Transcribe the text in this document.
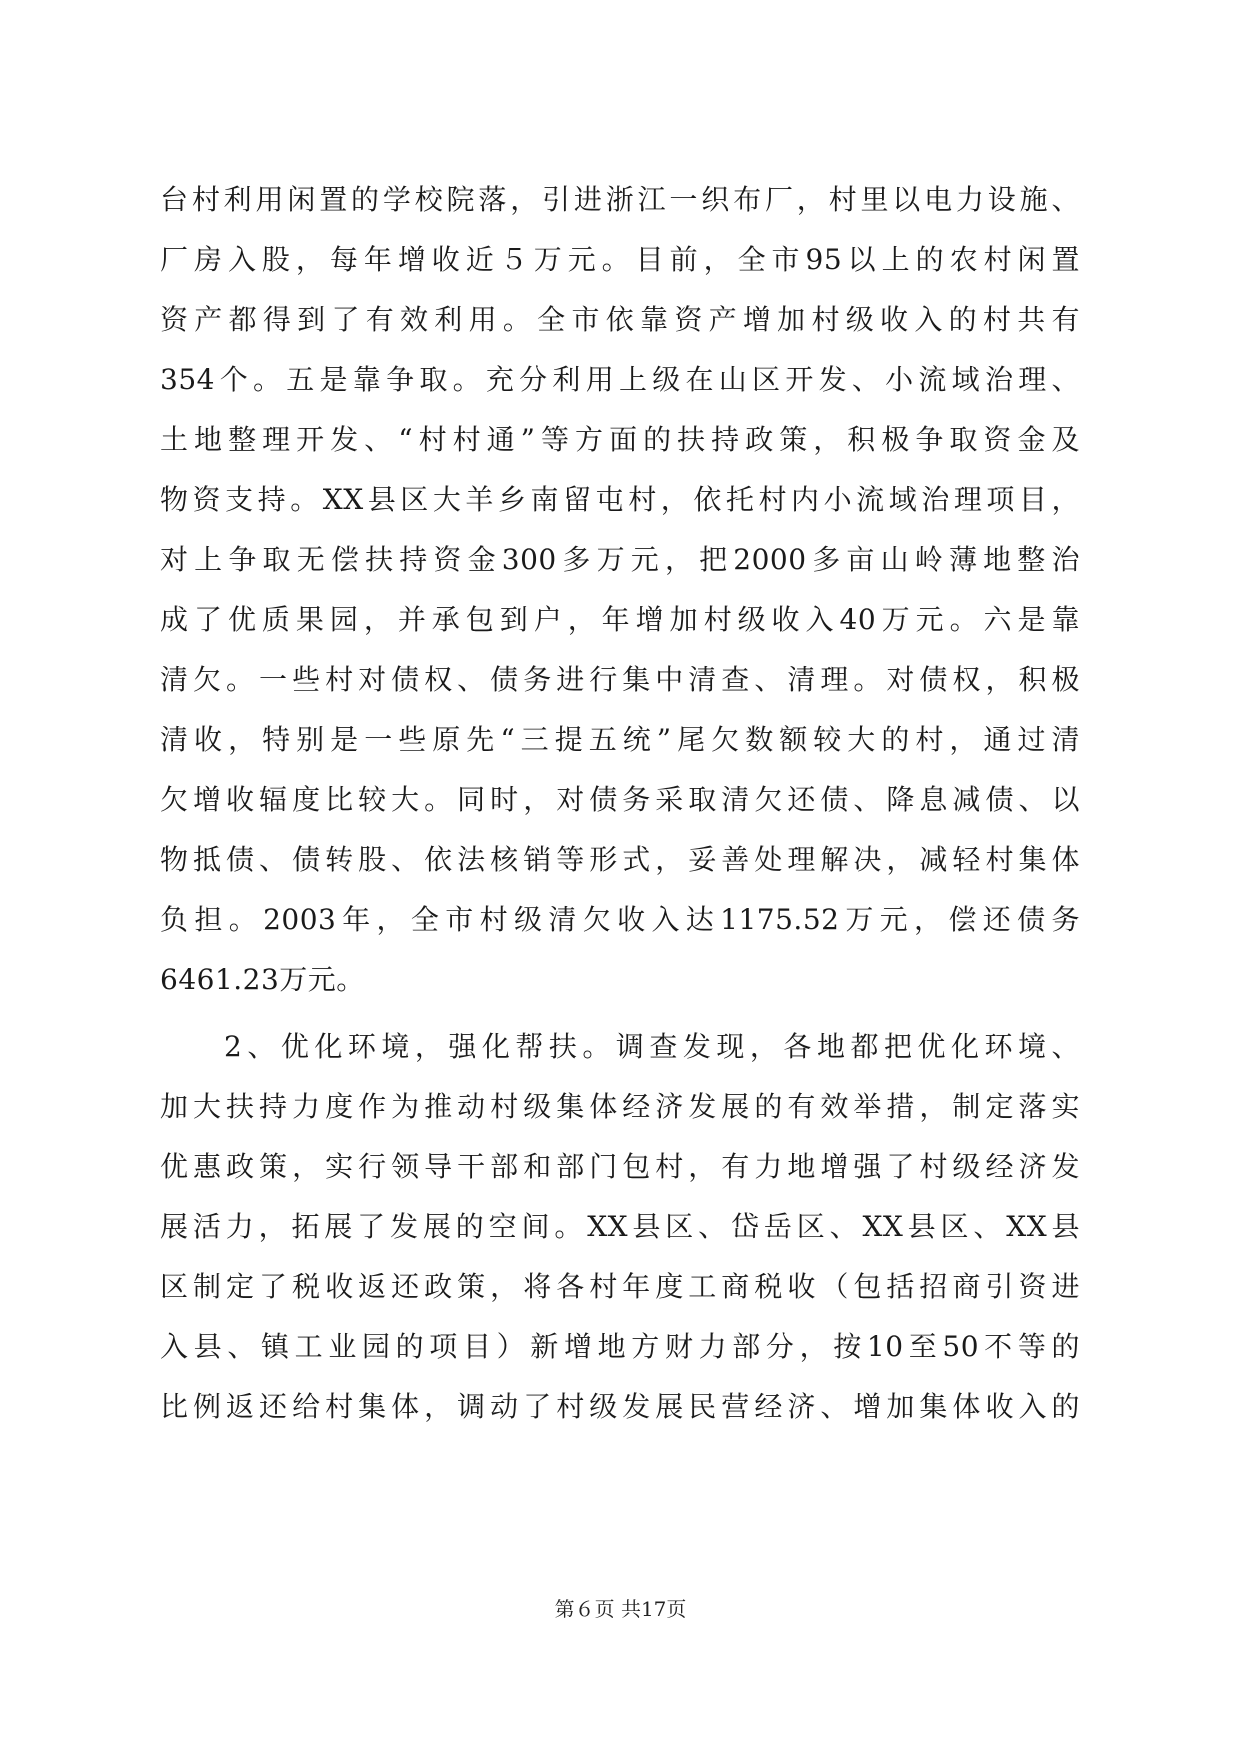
台村利用闲置的学校院落，引进浙江一织布厂，村里以电力设施、
厂房入股，每年增收近５万元。目前，全市95以上的农村闲置
资产都得到了有效利用。全市依靠资产增加村级收入的村共有
354个。五是靠争取。充分利用上级在山区开发、小流域治理、
土地整理开发、“村村通”等方面的扶持政策，积极争取资金及
物资支持。XX县区大羊乡南留屯村，依托村内小流域治理项目，
对上争取无偿扶持资金300多万元，把2000多亩山岭薄地整治
成了优质果园，并承包到户，年增加村级收入40万元。六是靠
清欠。一些村对债权、债务进行集中清查、清理。对债权，积极
清收，特别是一些原先“三提五统”尾欠数额较大的村，通过清
欠增收辐度比较大。同时，对债务采取清欠还债、降息减债、以
物抵债、债转股、依法核销等形式，妥善处理解决，减轻村集体
负担。2003年，全市村级清欠收入达1175.52万元，偿还债务
6461.23万元。
2、优化环境，强化帮扶。调查发现，各地都把优化环境、
加大扶持力度作为推动村级集体经济发展的有效举措，制定落实
优惠政策，实行领导干部和部门包村，有力地增强了村级经济发
展活力，拓展了发展的空间。XX县区、岱岳区、XX县区、XX县
区制定了税收返还政策，将各村年度工商税收（包括招商引资进
入县、镇工业园的项目）新增地方财力部分，按10至50不等的
比例返还给村集体，调动了村级发展民营经济、增加集体收入的
第６页 共17页
